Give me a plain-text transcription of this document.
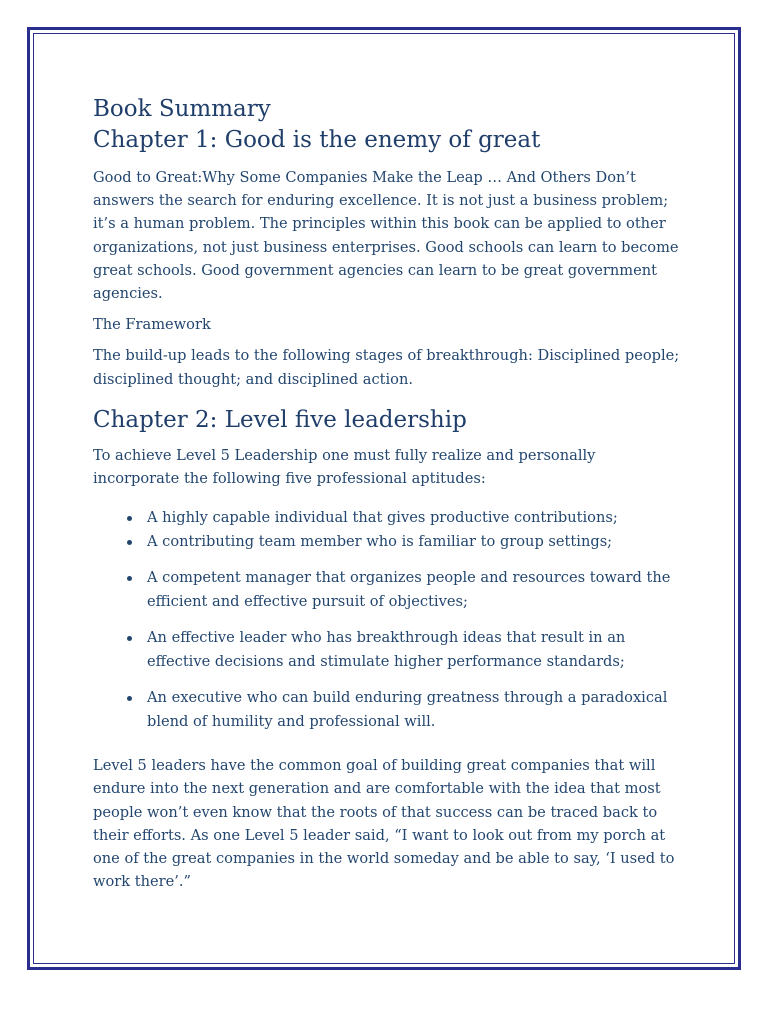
Book Summary
Chapter 1: Good is the enemy of great

Good to Great:Why Some Companies Make the Leap … And Others Don’t answers the search for enduring excellence. It is not just a business problem; it’s a human problem. The principles within this book can be applied to other organizations, not just business enterprises. Good schools can learn to become great schools. Good government agencies can learn to be great government agencies.

The Framework

The build-up leads to the following stages of breakthrough: Disciplined people; disciplined thought; and disciplined action.

Chapter 2: Level five leadership

To achieve Level 5 Leadership one must fully realize and personally incorporate the following five professional aptitudes:

A highly capable individual that gives productive contributions;
A contributing team member who is familiar to group settings;
A competent manager that organizes people and resources toward the efficient and effective pursuit of objectives;
An effective leader who has breakthrough ideas that result in an effective decisions and stimulate higher performance standards;
An executive who can build enduring greatness through a paradoxical blend of humility and professional will.

Level 5 leaders have the common goal of building great companies that will endure into the next generation and are comfortable with the idea that most people won’t even know that the roots of that success can be traced back to their efforts. As one Level 5 leader said, “I want to look out from my porch at one of the great companies in the world someday and be able to say, ‘I used to work there’.”
